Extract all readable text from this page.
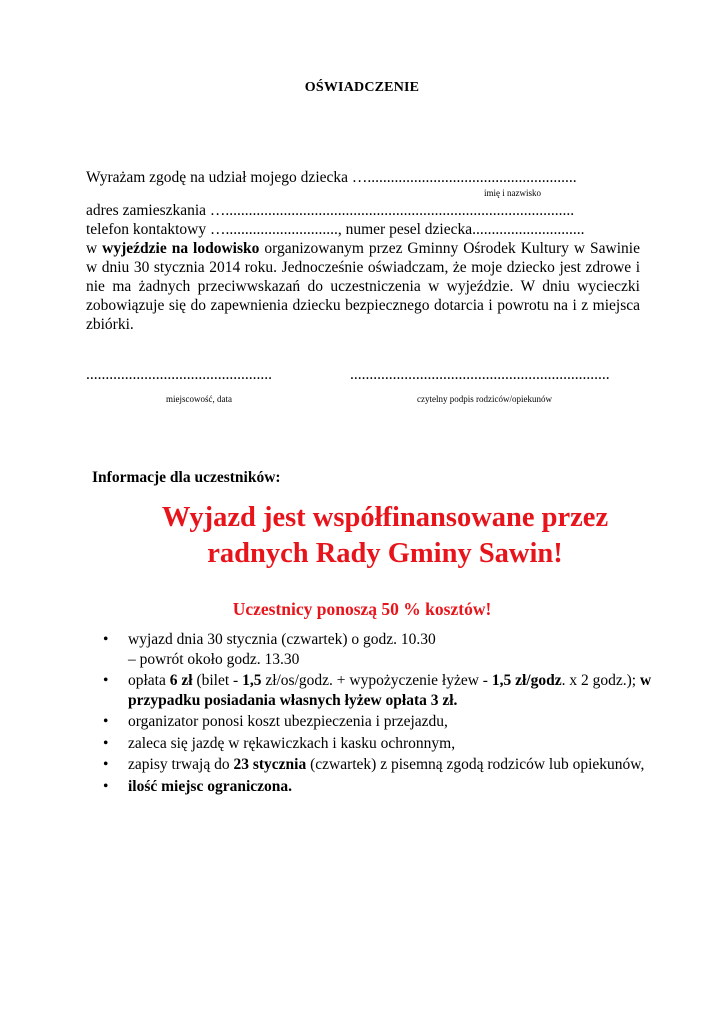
OŚWIADCZENIE
Wyrażam zgodę na udział mojego dziecka …......................................................
imię i nazwisko
adres zamieszkania …..........................................................................................
telefon kontaktowy …............................., numer pesel dziecka.............................
w wyjeździe na lodowisko organizowanym przez Gminny Ośrodek Kultury w Sawinie w dniu 30 stycznia 2014 roku. Jednocześnie oświadczam, że moje dziecko jest zdrowe i nie ma żadnych przeciwwskazań do uczestniczenia w wyjeździe. W dniu wycieczki zobowiązuje się do zapewnienia dziecku bezpiecznego dotarcia i powrotu na i z miejsca zbiórki.
................................................	...................................................................
miejscowość, data	czytelny podpis rodziców/opiekunów
Informacje dla uczestników:
Wyjazd jest współfinansowane przez
radnych Rady Gminy Sawin!
Uczestnicy ponoszą 50 % kosztów!
• wyjazd dnia 30 stycznia (czwartek) o godz. 10.30
– powrót około godz. 13.30
• opłata 6 zł (bilet - 1,5 zł/os/godz. + wypożyczenie łyżew - 1,5 zł/godz. x 2 godz.); w przypadku posiadania własnych łyżew opłata 3 zł.
• organizator ponosi koszt ubezpieczenia i przejazdu,
• zaleca się jazdę w rękawiczkach i kasku ochronnym,
• zapisy trwają do 23 stycznia (czwartek) z pisemną zgodą rodziców lub opiekunów,
• ilość miejsc ograniczona.
